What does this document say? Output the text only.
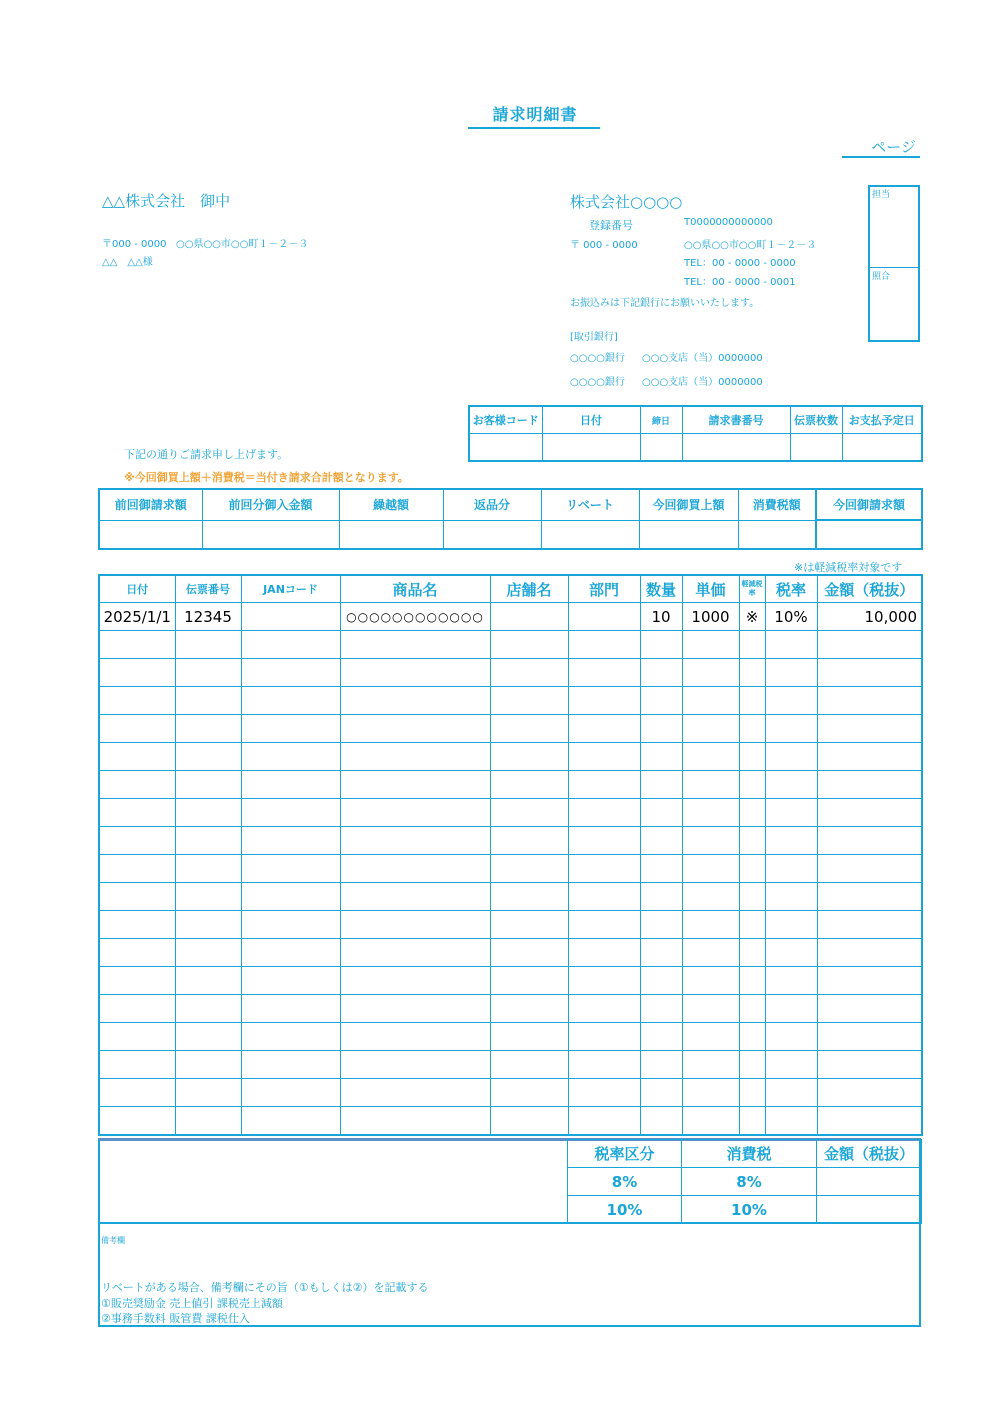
請求明細書
ページ
△△株式会社　御中
〒000 - 0000 ○○県○○市○○町１－２－３
△△　△△様
株式会社○○○○
登録番号	T0000000000000
〒 000 - 0000	○○県○○市○○町１－２－３
TEL：00 - 0000 - 0000
TEL：00 - 0000 - 0001
お振込みは下記銀行にお願いいたします。
[取引銀行]
○○○○銀行 ○○○支店（当）0000000
○○○○銀行 ○○○支店（当）0000000
担当
照合
お客様コード	日付	締日	請求書番号	伝票枚数	お支払予定日

下記の通りご請求申し上げます。
※今回御買上額＋消費税＝当付き請求合計額となります。
前回御請求額	前回分御入金額	繰越額	返品分	リベート	今回御買上額	消費税額	今回御請求額

※は軽減税率対象です
日付	伝票番号	JANコード	商品名	店舗名	部門	数量	単価	軽減税率	税率	金額（税抜）
2025/1/1	12345		○○○○○○○○○○○○			10	1000	※	10%	10,000

税率区分	消費税	金額（税抜）
8%	8%	
10%	10%	
備考欄
リベートがある場合、備考欄にその旨（①もしくは②）を記載する
①販売奨励金 売上値引 課税売上減額
②事務手数料 販管費 課税仕入
